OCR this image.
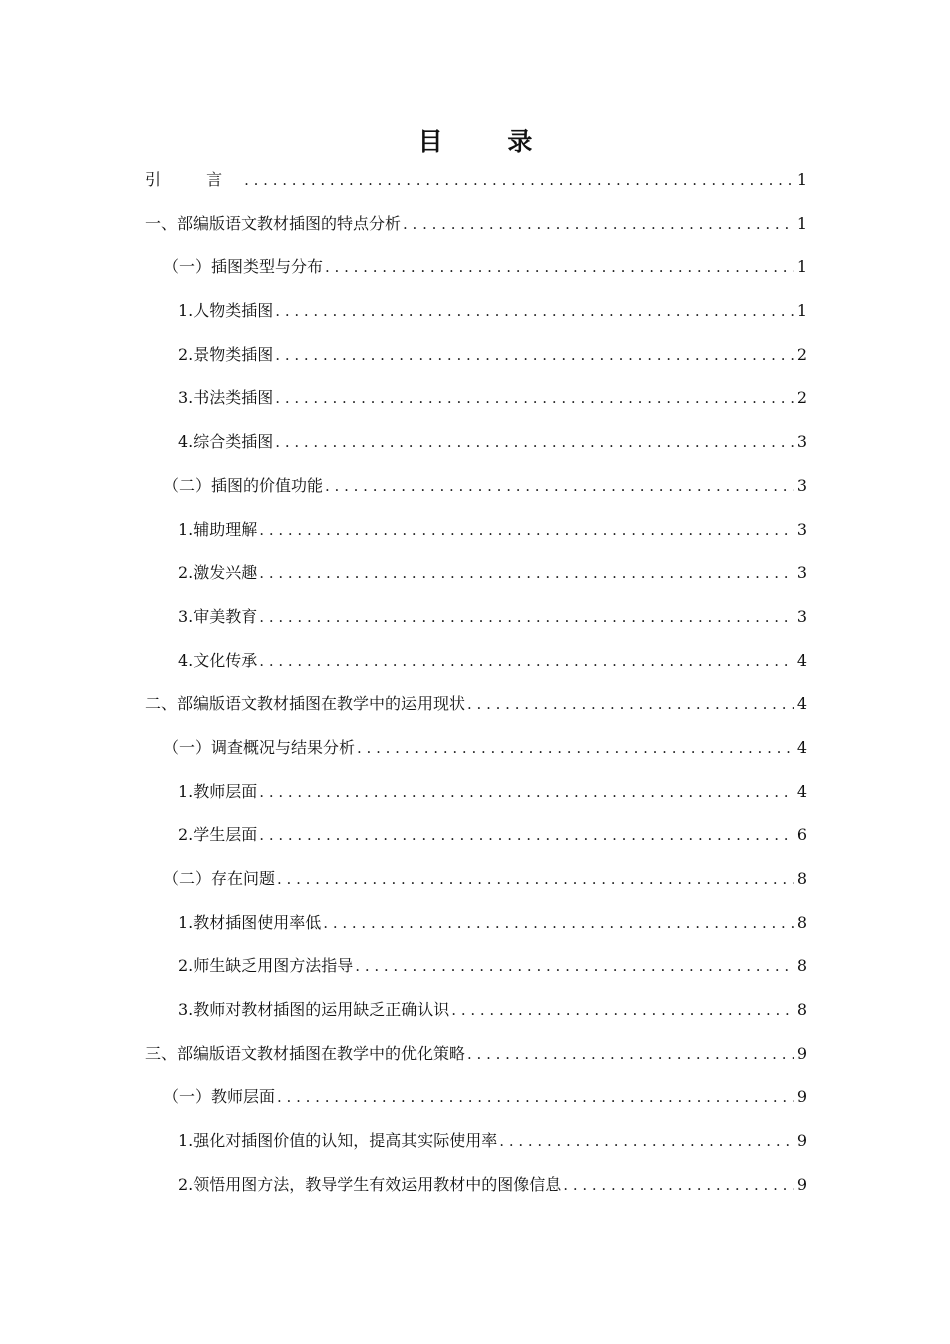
目 录
引 言 . . .	1
一、部编版语文教材插图的特点分析 . . .	1
（一）插图类型与分布 . . .	1
1.人物类插图 . . .	1
2.景物类插图 . . .	2
3.书法类插图 . . .	2
4.综合类插图 . . .	3
（二）插图的价值功能 . . .	3
1.辅助理解 . . .	3
2.激发兴趣 . . .	3
3.审美教育 . . .	3
4.文化传承 . . .	4
二、部编版语文教材插图在教学中的运用现状 . . .	4
（一）调查概况与结果分析 . . .	4
1.教师层面 . . .	4
2.学生层面 . . .	6
（二）存在问题 . . .	8
1.教材插图使用率低 . . .	8
2.师生缺乏用图方法指导 . . .	8
3.教师对教材插图的运用缺乏正确认识 . . .	8
三、部编版语文教材插图在教学中的优化策略 . . .	9
（一）教师层面 . . .	9
1.强化对插图价值的认知，提高其实际使用率 . . .	9
2.领悟用图方法，教导学生有效运用教材中的图像信息 . . .	9
